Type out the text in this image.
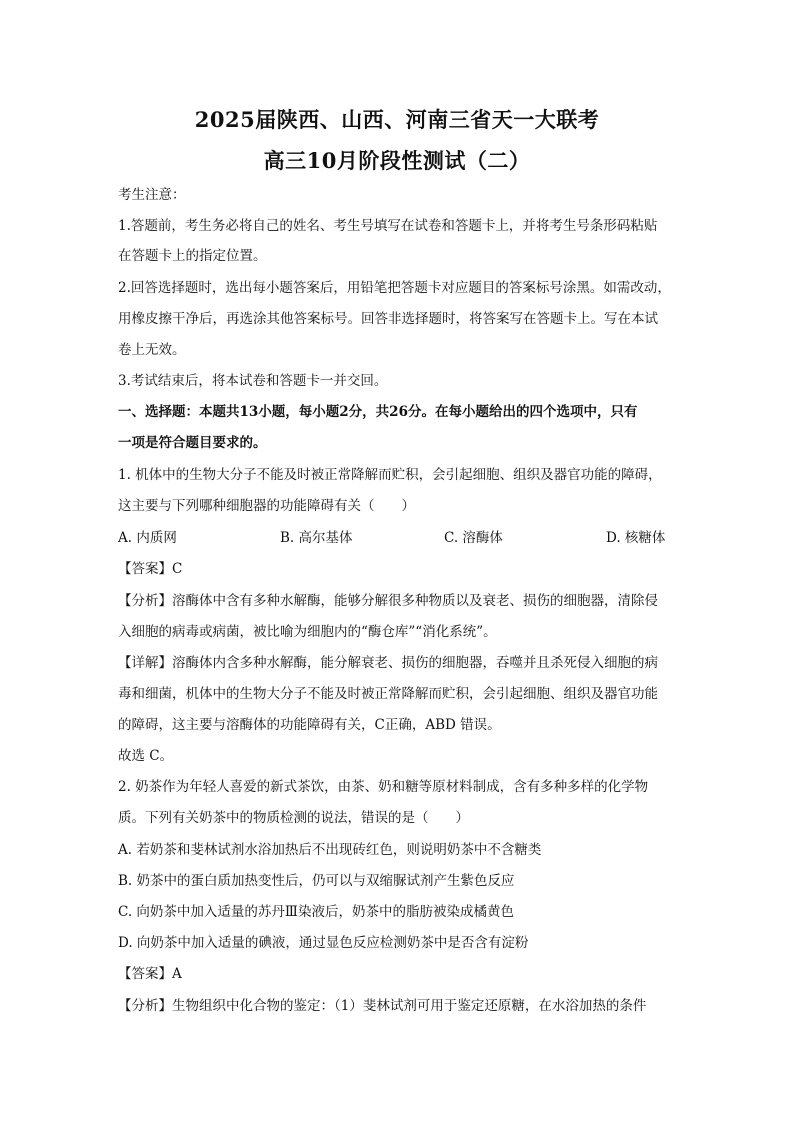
2025届陕西、山西、河南三省天一大联考
高三10月阶段性测试（二）
考生注意：
1.答题前，考生务必将自己的姓名、考生号填写在试卷和答题卡上，并将考生号条形码粘贴
在答题卡上的指定位置。
2.回答选择题时，选出每小题答案后，用铅笔把答题卡对应题目的答案标号涂黑。如需改动，
用橡皮擦干净后，再选涂其他答案标号。回答非选择题时，将答案写在答题卡上。写在本试
卷上无效。
3.考试结束后，将本试卷和答题卡一并交回。
一、选择题：本题共13小题，每小题2分，共26分。在每小题给出的四个选项中，只有
一项是符合题目要求的。
1. 机体中的生物大分子不能及时被正常降解而贮积，会引起细胞、组织及器官功能的障碍，
这主要与下列哪种细胞器的功能障碍有关（　　）
A. 内质网	B. 高尔基体	C. 溶酶体	D. 核糖体
【答案】C
【分析】溶酶体中含有多种水解酶，能够分解很多种物质以及衰老、损伤的细胞器，清除侵
入细胞的病毒或病菌，被比喻为细胞内的“酶仓库”“消化系统”。
【详解】溶酶体内含多种水解酶，能分解衰老、损伤的细胞器，吞噬并且杀死侵入细胞的病
毒和细菌，机体中的生物大分子不能及时被正常降解而贮积，会引起细胞、组织及器官功能
的障碍，这主要与溶酶体的功能障碍有关，C正确，ABD 错误。
故选 C。
2. 奶茶作为年轻人喜爱的新式茶饮，由茶、奶和糖等原材料制成，含有多种多样的化学物
质。下列有关奶茶中的物质检测的说法，错误的是（　　）
A. 若奶茶和斐林试剂水浴加热后不出现砖红色，则说明奶茶中不含糖类
B. 奶茶中的蛋白质加热变性后，仍可以与双缩脲试剂产生紫色反应
C. 向奶茶中加入适量的苏丹Ⅲ染液后，奶茶中的脂肪被染成橘黄色
D. 向奶茶中加入适量的碘液，通过显色反应检测奶茶中是否含有淀粉
【答案】A
【分析】生物组织中化合物的鉴定：（1）斐林试剂可用于鉴定还原糖，在水浴加热的条件
